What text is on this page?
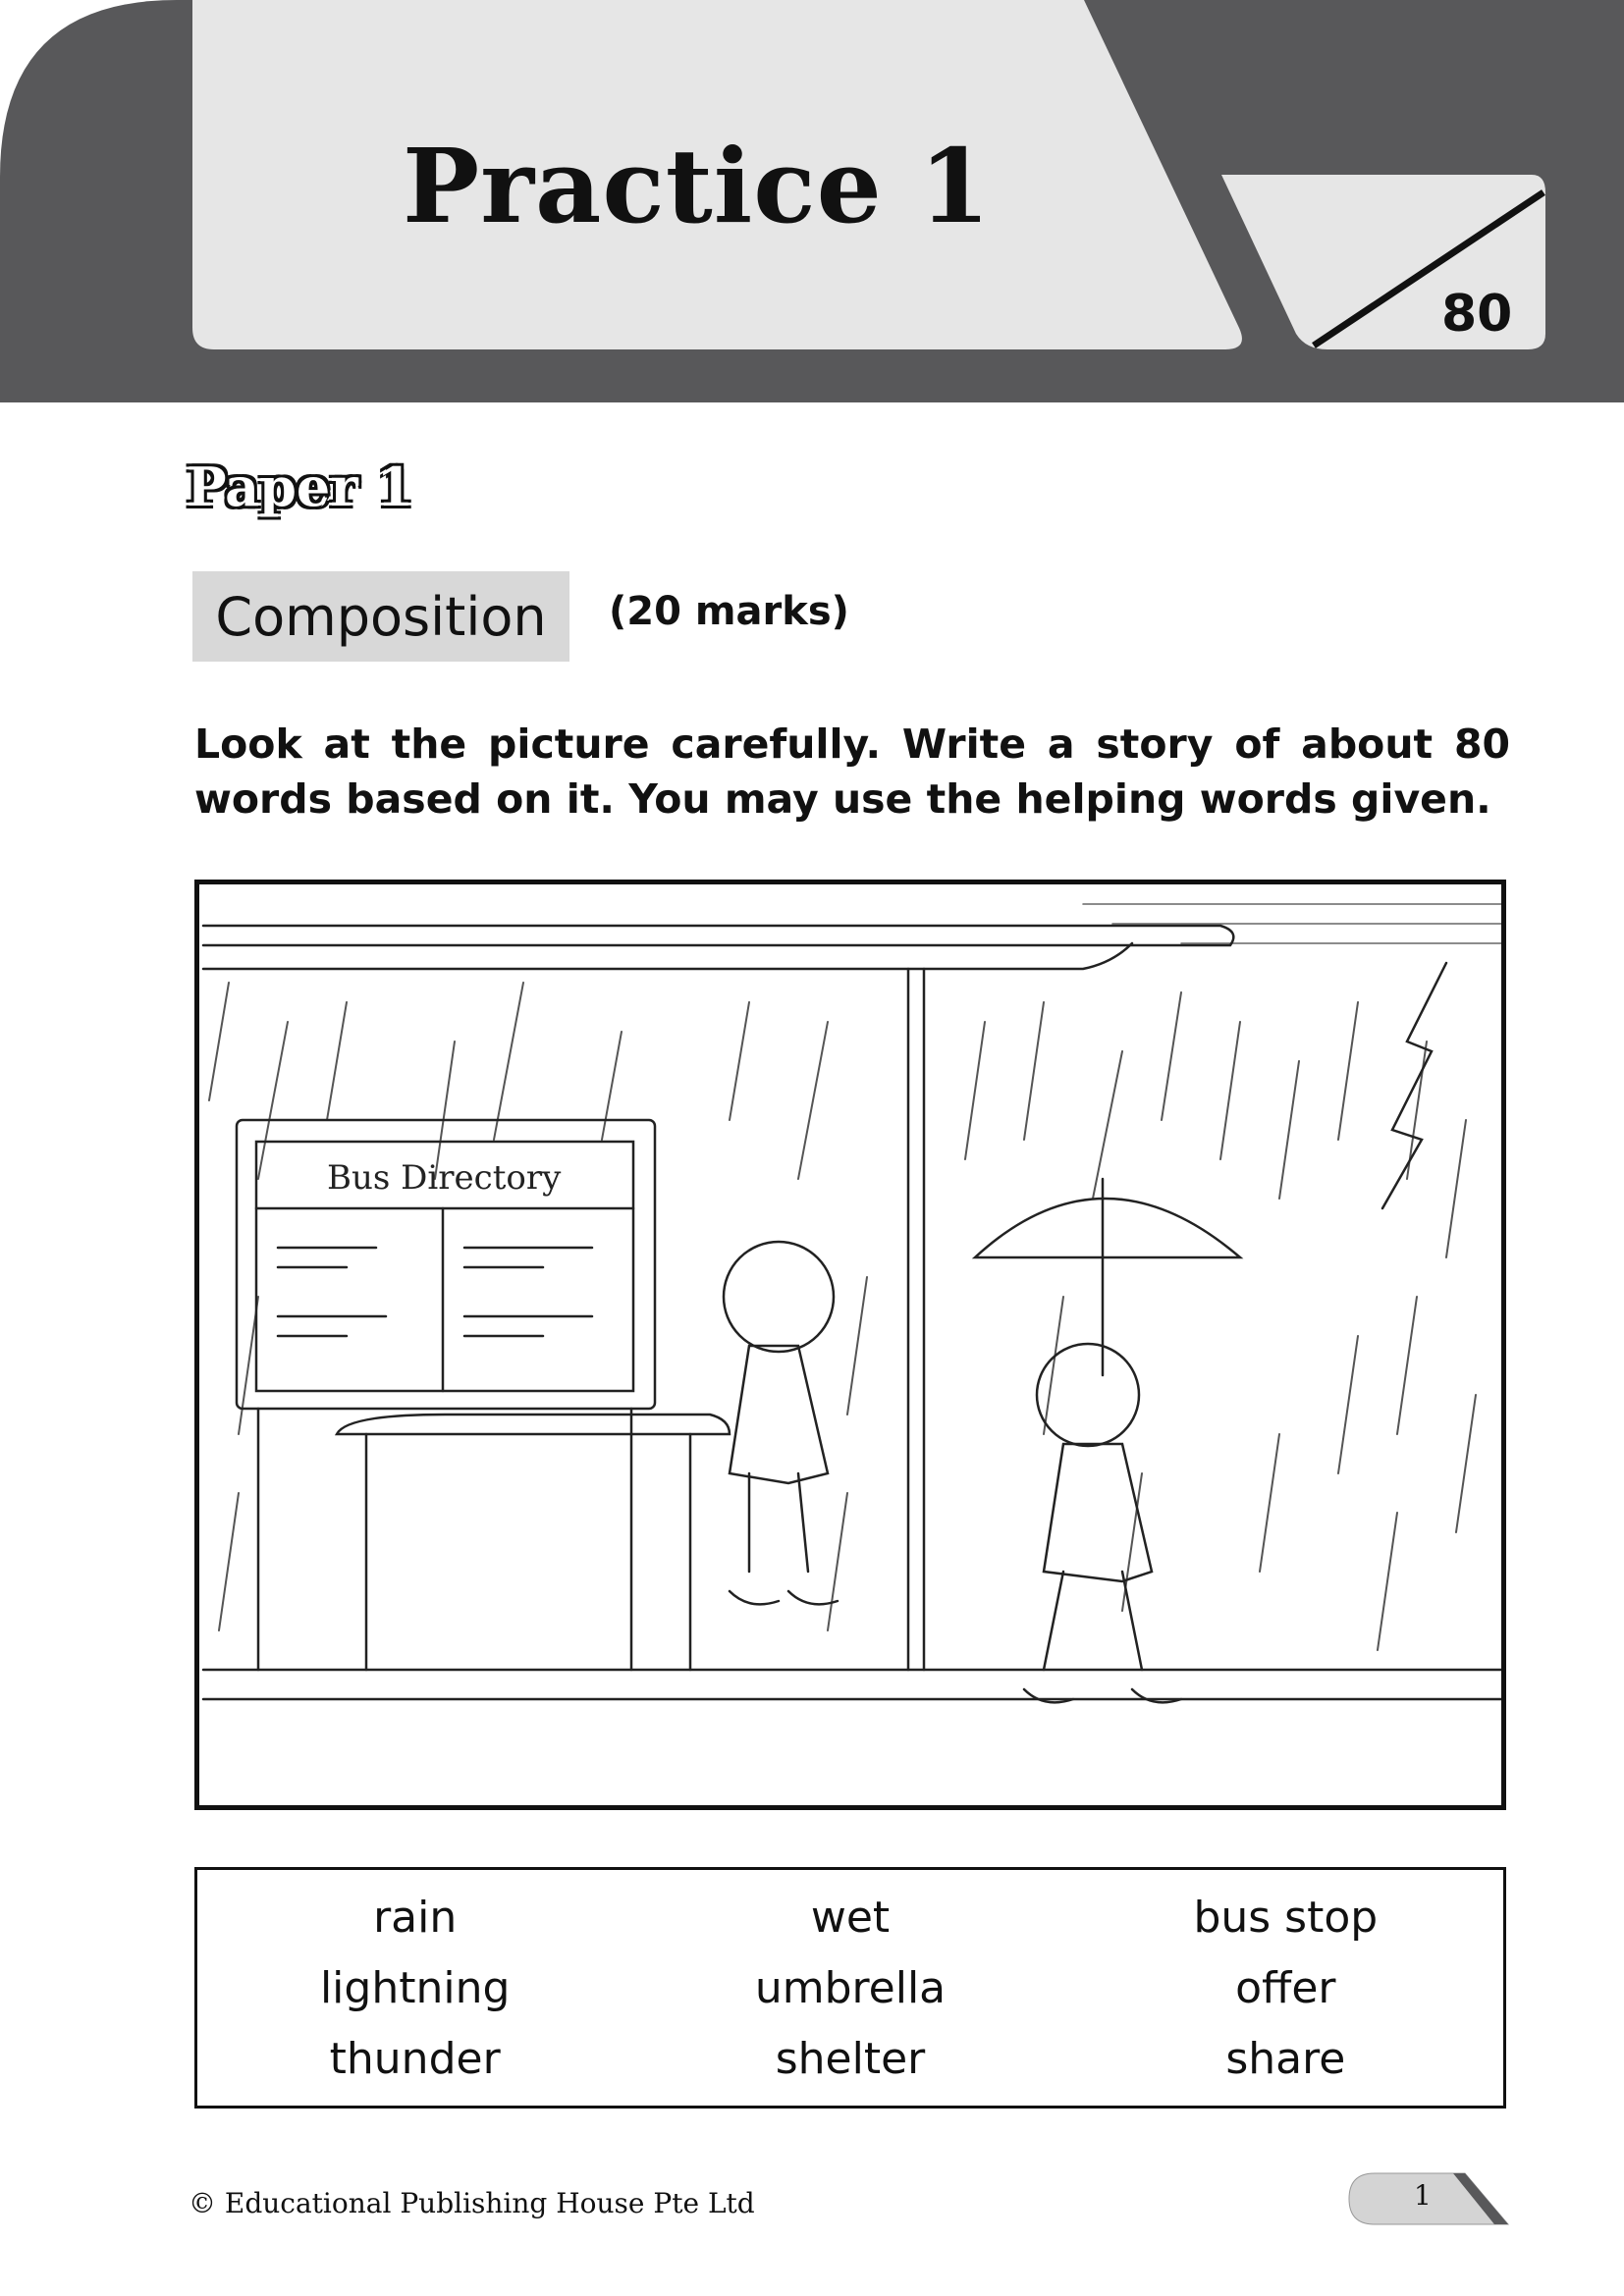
Practice 1
80
Paper 1
Composition (20 marks)
Look at the picture carefully. Write a story of about 80 words based on it. You may use the helping words given.
Bus Directory
rain	wet	bus stop
lightning	umbrella	offer
thunder	shelter	share
© Educational Publishing House Pte Ltd	1
